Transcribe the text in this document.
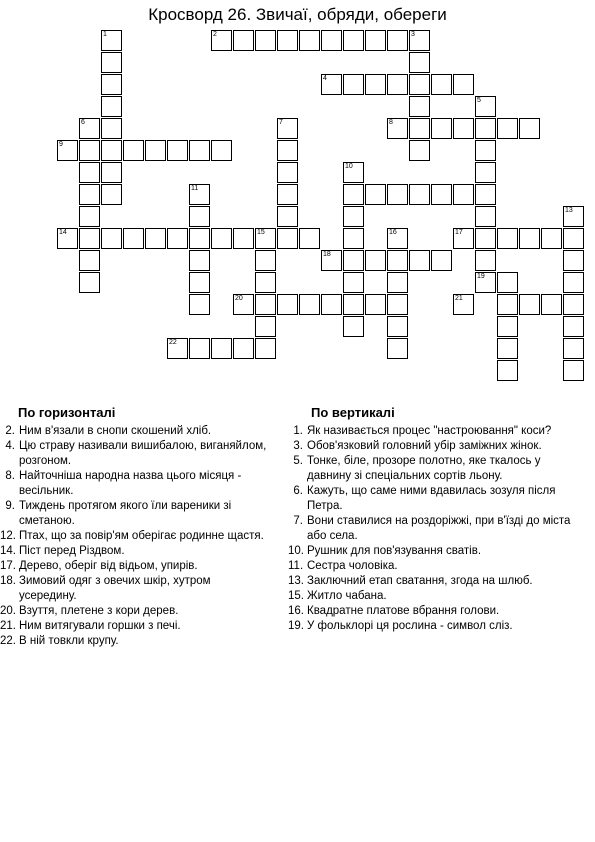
Кросворд 26. Звичаї, обряди, обереги
1	2	3
4
5
8
9
6	7
10
11
13
14	15	16	17
18
19
20	21
22
По горизонталі
2. Ним в'язали в снопи скошений хліб.
4. Цю страву називали вишибалою, виганяйлом, розгоном.
8. Найточніша народна назва цього місяця - весільник.
9. Тиждень протягом якого їли вареники зі сметаною.
12. Птах, що за повір'ям оберігає родинне щастя.
14. Піст перед Різдвом.
17. Дерево, оберіг від відьом, упирів.
18. Зимовий одяг з овечих шкір, хутром усередину.
20. Взуття, плетене з кори дерев.
21. Ним витягували горшки з печі.
22. В ній товкли крупу.
По вертикалі
1. Як називається процес "настроювання" коси?
3. Обов'язковий головний убір заміжних жінок.
5. Тонке, біле, прозоре полотно, яке ткалось у давнину зі спеціальних сортів льону.
6. Кажуть, що саме ними вдавилась зозуля після Петра.
7. Вони ставилися на роздоріжжі, при в'їзді до міста або села.
10. Рушник для пов'язування сватів.
11. Сестра чоловіка.
13. Заключний етап сватання, згода на шлюб.
15. Житло чабана.
16. Квадратне платове вбрання голови.
19. У фольклорі ця рослина - символ сліз.
